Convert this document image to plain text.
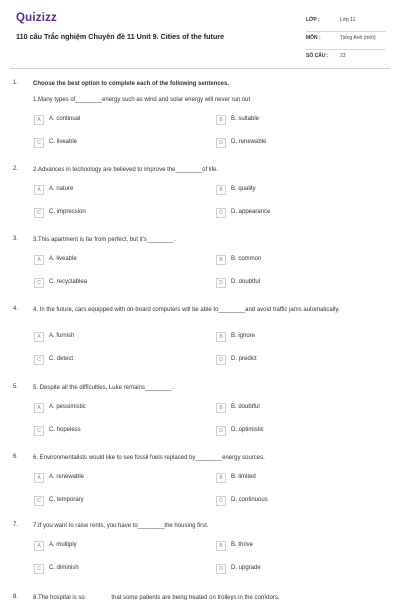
Quizizz
110 câu Trắc nghiệm Chuyên đề 11 Unit 9. Cities of the future
LỚP :	Lớp 11
MÔN :	Tiếng Anh (mới)
SỐ CÂU : 23
1. Choose the best option to complete each of the following sentences.
1.Many types of________energy such as wind and solar energy will never run out
A	A. continual	B	B. suitable
C	C. liveable	D	D. renewable
2. 2.Advances in technology are believed to improve the________of life.
A	A. nature	B	B. quality
C	C. impression	D	D. appearance
3. 3.This apartment is far from perfect, but it's________.
A	A. liveable	B	B. common
C	C. recyclablea	D	D. doubtful
4. 4. In the future, cars equipped with on-board computers will be able to________and avoid traffic jams automatically.
A	A. furnish	B	B. ignore
C	C. detect	D	D. predict
5. 5. Despite all the difficulties, Luke remains________.
A	A. pessimistic	B	B. doubtful
C	C. hopeless	D	D. optimistic
6. 6. Environmentalists would like to see fossil fuels replaced by________energy sources.
A	A. renewable	B	B. limited
C	C. temporary	D	D. continuous
7. 7.If you want to raise rents, you have to________the housing first.
A	A. multiply	B	B. thrive
C	C. diminish	D	D. upgrade
8. 8.The hospital is so________that some patients are being treated on trolleys in the corridors.
